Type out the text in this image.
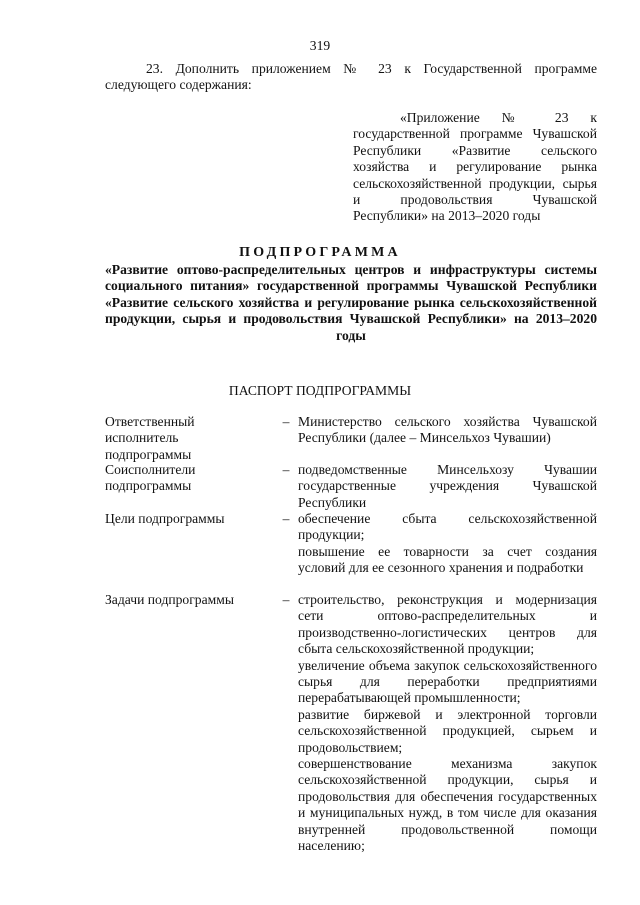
319
23. Дополнить приложением № 23 к Государственной программе следующего содержания:
«Приложение № 23 к государственной программе Чувашской Республики «Развитие сельского хозяйства и регулирование рынка сельскохозяйственной продукции, сырья и продовольствия Чувашской Республики» на 2013–2020 годы
ПОДПРОГРАММА
«Развитие оптово-распределительных центров и инфраструктуры системы социального питания» государственной программы Чувашской Республики «Развитие сельского хозяйства и регулирование рынка сельскохозяйственной продукции, сырья и продовольствия Чувашской Республики» на 2013–2020 годы
ПАСПОРТ ПОДПРОГРАММЫ
Ответственный исполнитель подпрограммы
– Министерство сельского хозяйства Чувашской Республики (далее – Минсельхоз Чувашии)

Соисполнители подпрограммы
– подведомственные Минсельхозу Чувашии государственные учреждения Чувашской Республики

Цели подпрограммы	– обеспечение сбыта сельскохозяйственной продукции;

повышение ее товарности за счет создания условий для ее сезонного хранения и подработки

Задачи подпрограммы	– строительство, реконструкция и модернизация сети оптово-распределительных и производственно-логистических центров для сбыта сельскохозяйственной продукции;

увеличение объема закупок сельскохозяйственного сырья для переработки предприятиями перерабатывающей промышленности;

развитие биржевой и электронной торговли сельскохозяйственной продукцией, сырьем и продовольствием;

совершенствование механизма закупок сельскохозяйственной продукции, сырья и продовольствия для обеспечения государственных и муниципальных нужд, в том числе для оказания внутренней продовольственной помощи населению;
